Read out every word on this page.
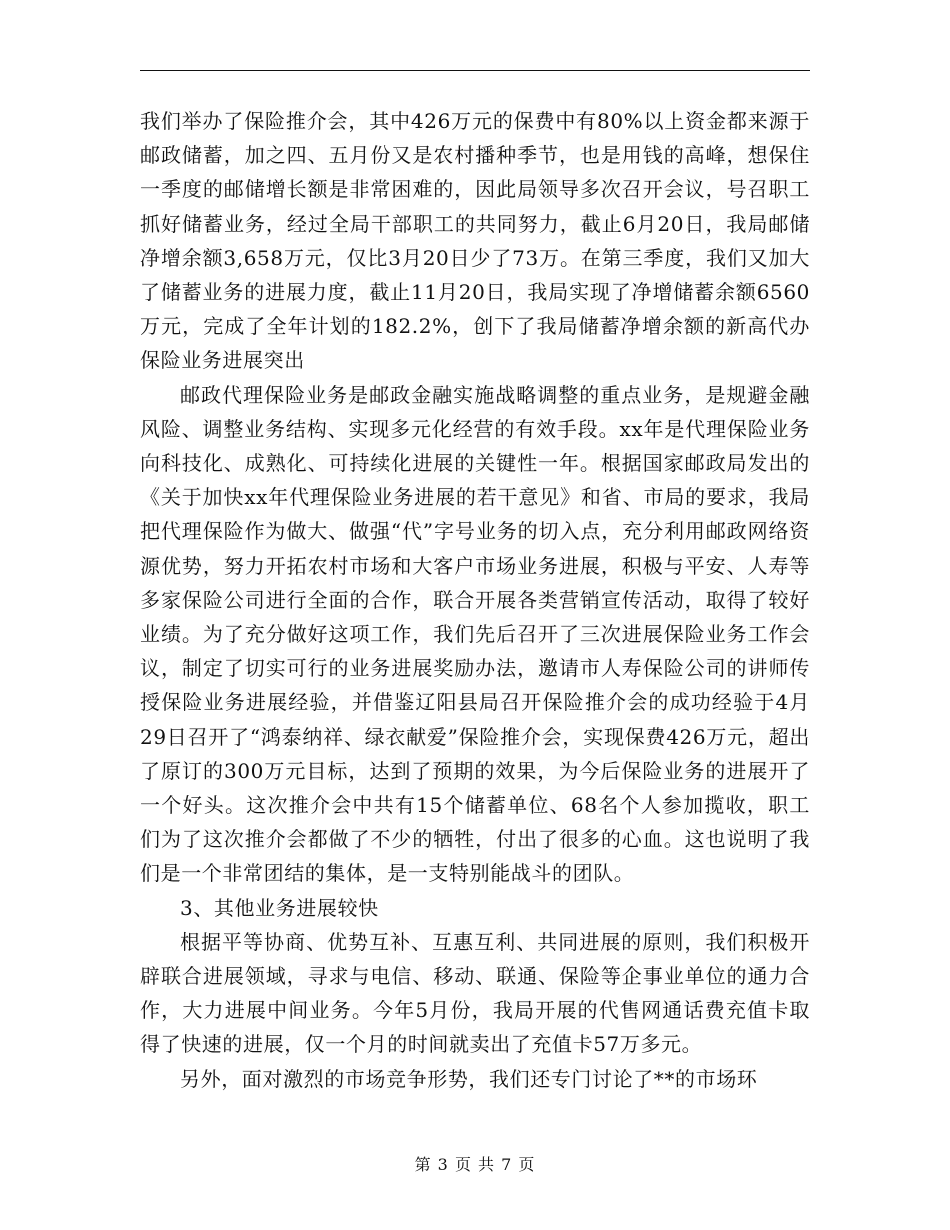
我们举办了保险推介会，其中426万元的保费中有80%以上资金都来源于邮政储蓄，加之四、五月份又是农村播种季节，也是用钱的高峰，想保住一季度的邮储增长额是非常困难的，因此局领导多次召开会议，号召职工抓好储蓄业务，经过全局干部职工的共同努力，截止6月20日，我局邮储净增余额3,658万元，仅比3月20日少了73万。在第三季度，我们又加大了储蓄业务的进展力度，截止11月20日，我局实现了净增储蓄余额6560万元，完成了全年计划的182.2%，创下了我局储蓄净增余额的新高代办保险业务进展突出

邮政代理保险业务是邮政金融实施战略调整的重点业务，是规避金融风险、调整业务结构、实现多元化经营的有效手段。xx年是代理保险业务向科技化、成熟化、可持续化进展的关键性一年。根据国家邮政局发出的《关于加快xx年代理保险业务进展的若干意见》和省、市局的要求，我局把代理保险作为做大、做强“代”字号业务的切入点，充分利用邮政网络资源优势，努力开拓农村市场和大客户市场业务进展，积极与平安、人寿等多家保险公司进行全面的合作，联合开展各类营销宣传活动，取得了较好业绩。为了充分做好这项工作，我们先后召开了三次进展保险业务工作会议，制定了切实可行的业务进展奖励办法，邀请市人寿保险公司的讲师传授保险业务进展经验，并借鉴辽阳县局召开保险推介会的成功经验于4月29日召开了“鸿泰纳祥、绿衣献爱”保险推介会，实现保费426万元，超出了原订的300万元目标，达到了预期的效果，为今后保险业务的进展开了一个好头。这次推介会中共有15个储蓄单位、68名个人参加揽收，职工们为了这次推介会都做了不少的牺牲，付出了很多的心血。这也说明了我们是一个非常团结的集体，是一支特别能战斗的团队。

3、其他业务进展较快

根据平等协商、优势互补、互惠互利、共同进展的原则，我们积极开辟联合进展领域，寻求与电信、移动、联通、保险等企事业单位的通力合作，大力进展中间业务。今年5月份，我局开展的代售网通话费充值卡取得了快速的进展，仅一个月的时间就卖出了充值卡57万多元。

另外，面对激烈的市场竞争形势，我们还专门讨论了**的市场环

第 3 页 共 7 页
